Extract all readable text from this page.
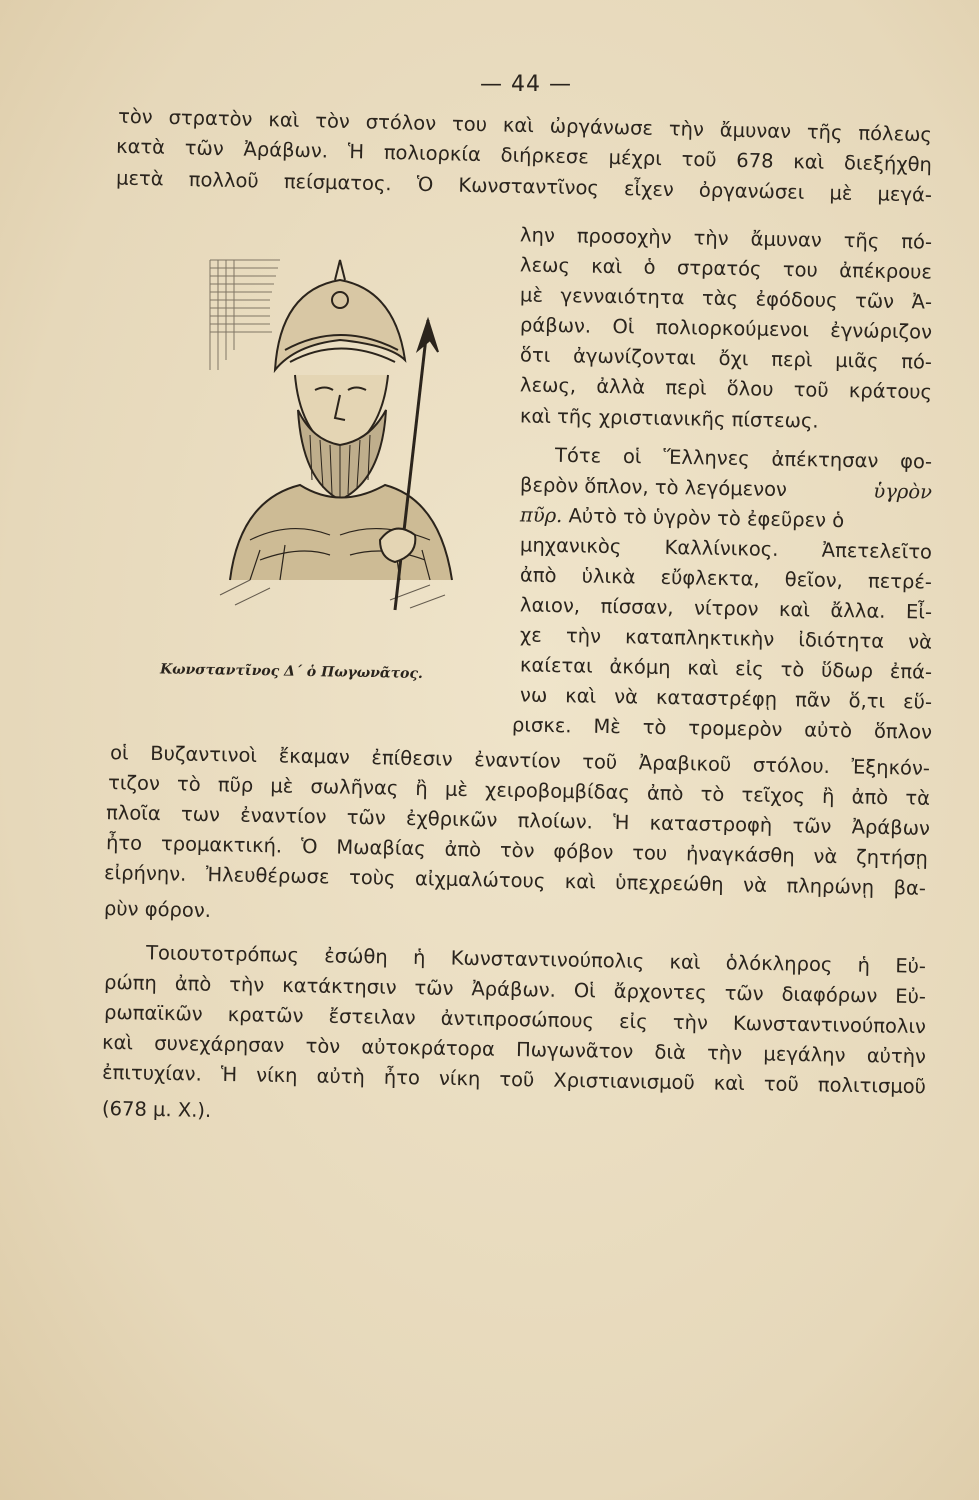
— 44 —
τὸν στρατὸν καὶ τὸν στόλον του καὶ ὠργάνωσε τὴν ἄμυναν τῆς πόλεως
κατὰ τῶν Ἀράβων. Ἡ πολιορκία διήρκεσε μέχρι τοῦ 678 καὶ διεξήχθη
μετὰ πολλοῦ πείσματος. Ὁ Κωνσταντῖνος εἶχεν ὀργανώσει μὲ μεγά-
λην προσοχὴν τὴν ἄμυναν τῆς πό-
λεως καὶ ὁ στρατός του ἀπέκρουε
μὲ γενναιότητα τὰς ἐφόδους τῶν Ἀ-
ράβων. Οἱ πολιορκούμενοι ἐγνώριζον
ὅτι ἀγωνίζονται ὄχι περὶ μιᾶς πό-
λεως, ἀλλὰ περὶ ὅλου τοῦ κράτους
καὶ τῆς χριστιανικῆς πίστεως.
Τότε οἱ Ἕλληνες ἀπέκτησαν φο-
βερὸν ὅπλον, τὸ λεγόμενον	ὑγρὸν
πῦρ. Αὐτὸ τὸ ὑγρὸν τὸ ἐφεῦρεν ὁ
μηχανικὸς Καλλίνικος. Ἀπετελεῖτο
ἀπὸ ὑλικὰ εὔφλεκτα, θεῖον, πετρέ-
λαιον, πίσσαν, νίτρον καὶ ἄλλα. Εἶ-
χε τὴν καταπληκτικὴν ἰδιότητα νὰ
καίεται ἀκόμη καὶ εἰς τὸ ὕδωρ ἐπά-
νω καὶ νὰ καταστρέφῃ πᾶν ὅ,τι εὕ-
ρισκε. Μὲ τὸ τρομερὸν αὐτὸ ὅπλον
οἱ Βυζαντινοὶ ἔκαμαν ἐπίθεσιν ἐναντίον τοῦ Ἀραβικοῦ στόλου. Ἐξηκόν-
τιζον τὸ πῦρ μὲ σωλῆνας ἢ μὲ χειροβομβίδας ἀπὸ τὸ τεῖχος ἢ ἀπὸ τὰ
πλοῖα των ἐναντίον τῶν ἐχθρικῶν πλοίων. Ἡ καταστροφὴ τῶν Ἀράβων
ἦτο τρομακτική. Ὁ Μωαβίας ἀπὸ τὸν φόβον του ἠναγκάσθη νὰ ζητήσῃ
εἰρήνην. Ἠλευθέρωσε τοὺς αἰχμαλώτους καὶ ὑπεχρεώθη νὰ πληρώνῃ βα-
ρὺν φόρον.
Τοιουτοτρόπως ἐσώθη ἡ Κωνσταντινούπολις καὶ ὁλόκληρος ἡ Εὐ-
ρώπη ἀπὸ τὴν κατάκτησιν τῶν Ἀράβων. Οἱ ἄρχοντες τῶν διαφόρων Εὐ-
ρωπαϊκῶν κρατῶν ἔστειλαν ἀντιπροσώπους εἰς τὴν Κωνσταντινούπολιν
καὶ συνεχάρησαν τὸν αὐτοκράτορα Πωγωνᾶτον διὰ τὴν μεγάλην αὐτὴν
ἐπιτυχίαν. Ἡ νίκη αὐτὴ ἦτο νίκη τοῦ Χριστιανισμοῦ καὶ τοῦ πολιτισμοῦ
(678 μ. Χ.).
Κωνσταντῖνος Δ΄ ὁ Πωγωνᾶτος.
